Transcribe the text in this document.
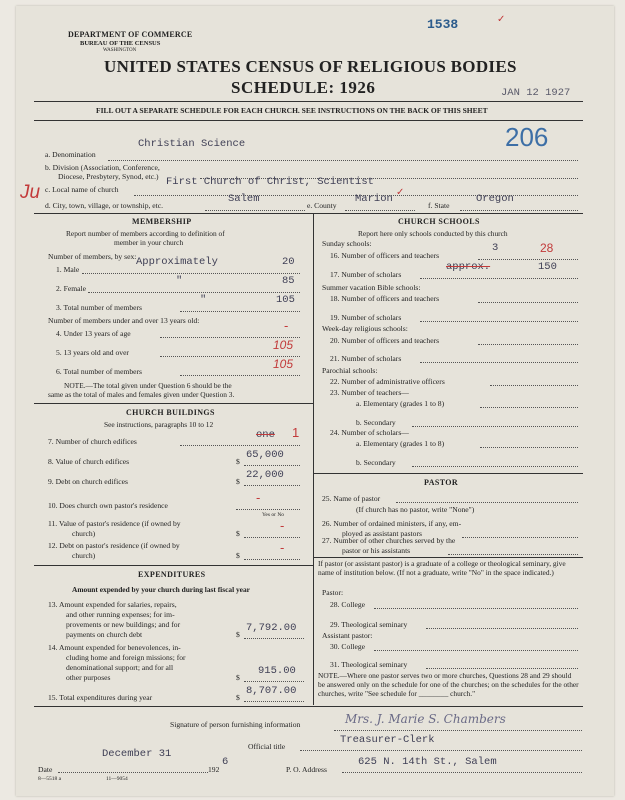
DEPARTMENT OF COMMERCE
BUREAU OF THE CENSUS
WASHINGTON
1538	✓
UNITED STATES CENSUS OF RELIGIOUS BODIES
SCHEDULE: 1926	JAN 12 1927
FILL OUT A SEPARATE SCHEDULE FOR EACH CHURCH. SEE INSTRUCTIONS ON THE BACK OF THIS SHEET
206
Ju
a. Denomination
Christian Science
b. Division (Association, Conference,
Diocese, Presbytery, Synod, etc.)
c. Local name of church
First Church of Christ, Scientist
d. City, town, village, or township, etc.
Salem
e. County
Marion
✓
f. State
Oregon
MEMBERSHIP
Report number of members according to definition of
member in your church
Number of members, by sex:
1. Male
Approximately	20
2. Female
"	85
3. Total number of members
"	105
Number of members under and over 13 years old:
4. Under 13 years of age
-
5. 13 years old and over
105
6. Total number of members
105
NOTE.—The total given under Question 6 should be the
same as the total of males and females given under Question 3.
CHURCH BUILDINGS
See instructions, paragraphs 10 to 12
7. Number of church edifices
one 1
8. Value of church edifices	$
65,000
9. Debt on church edifices	$
22,000
10. Does church own pastor's residence
-
Yes or No
11. Value of pastor's residence (if owned by
church)	$
-
12. Debt on pastor's residence (if owned by
church)	$
-
EXPENDITURES
Amount expended by your church during last fiscal year
13. Amount expended for salaries, repairs,
and other running expenses; for im-
provements or new buildings; and for
payments on church debt	$
7,792.00
14. Amount expended for benevolences, in-
cluding home and foreign missions; for
denominational support; and for all
other purposes	$
915.00
15. Total expenditures during year	$
8,707.00
CHURCH SCHOOLS
Report here only schools conducted by this church
Sunday schools:
16. Number of officers and teachers
3	28
17. Number of scholars
approx.	150
Summer vacation Bible schools:
18. Number of officers and teachers
19. Number of scholars
Week-day religious schools:
20. Number of officers and teachers
21. Number of scholars
Parochial schools:
22. Number of administrative officers
23. Number of teachers—
a. Elementary (grades 1 to 8)
b. Secondary
24. Number of scholars—
a. Elementary (grades 1 to 8)
b. Secondary
PASTOR
25. Name of pastor
(If church has no pastor, write "None")
26. Number of ordained ministers, if any, em-
ployed as assistant pastors
27. Number of other churches served by the
pastor or his assistants
If pastor (or assistant pastor) is a graduate of a college or theological seminary, give name of institution below. (If not a graduate, write "No" in the space indicated.)
Pastor:
28. College
29. Theological seminary
Assistant pastor:
30. College
31. Theological seminary
NOTE.—Where one pastor serves two or more churches, Questions 28 and 29 should be answered only on the schedule for one of the churches; on the schedules for the other churches, write "See schedule for ________ church."
Signature of person furnishing information	Mrs. J. Marie S. Chambers
Official title
Treasurer-Clerk
Date
December 31
192
6
P. O. Address
625 N. 14th St., Salem
8—5518 a	11—9054
